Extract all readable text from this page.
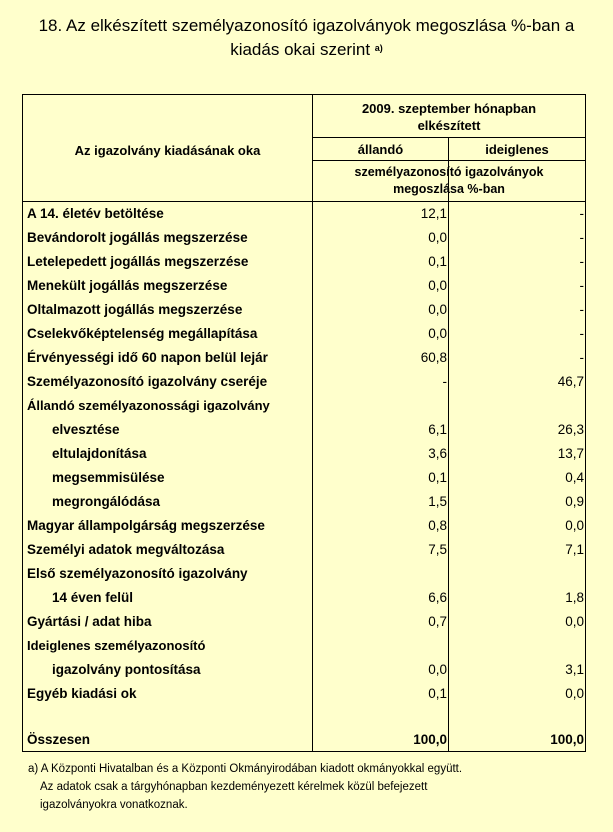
18. Az elkészített személyazonosító igazolványok megoszlása %-ban a
kiadás okai szerint $^{a)}$
Az igazolvány kiadásának oka
2009. szeptember hónapban
elkészített
állandó	ideiglenes
személyazonosító igazolványok
megoszlása %-ban
A 14. életév betöltése	12,1	-
Bevándorolt jogállás megszerzése	0,0	-
Letelepedett jogállás megszerzése	0,1	-
Menekült jogállás megszerzése	0,0	-
Oltalmazott jogállás megszerzése	0,0	-
Cselekvőképtelenség megállapítása	0,0	-
Érvényességi idő 60 napon belül lejár	60,8	-
Személyazonosító igazolvány cseréje	-	46,7
Állandó személyazonossági igazolvány
elvesztése	6,1	26,3
eltulajdonítása	3,6	13,7
megsemmisülése	0,1	0,4
megrongálódása	1,5	0,9
Magyar állampolgárság megszerzése	0,8	0,0
Személyi adatok megváltozása	7,5	7,1
Első személyazonosító igazolvány
14 éven felül	6,6	1,8
Gyártási / adat hiba	0,7	0,0
Ideiglenes személyazonosító
igazolvány pontosítása	0,0	3,1
Egyéb kiadási ok	0,1	0,0
Összesen	100,0	100,0
a) A Központi Hivatalban és a Központi Okmányirodában kiadott okmányokkal együtt.
Az adatok csak a tárgyhónapban kezdeményezett kérelmek közül befejezett
igazolványokra vonatkoznak.
